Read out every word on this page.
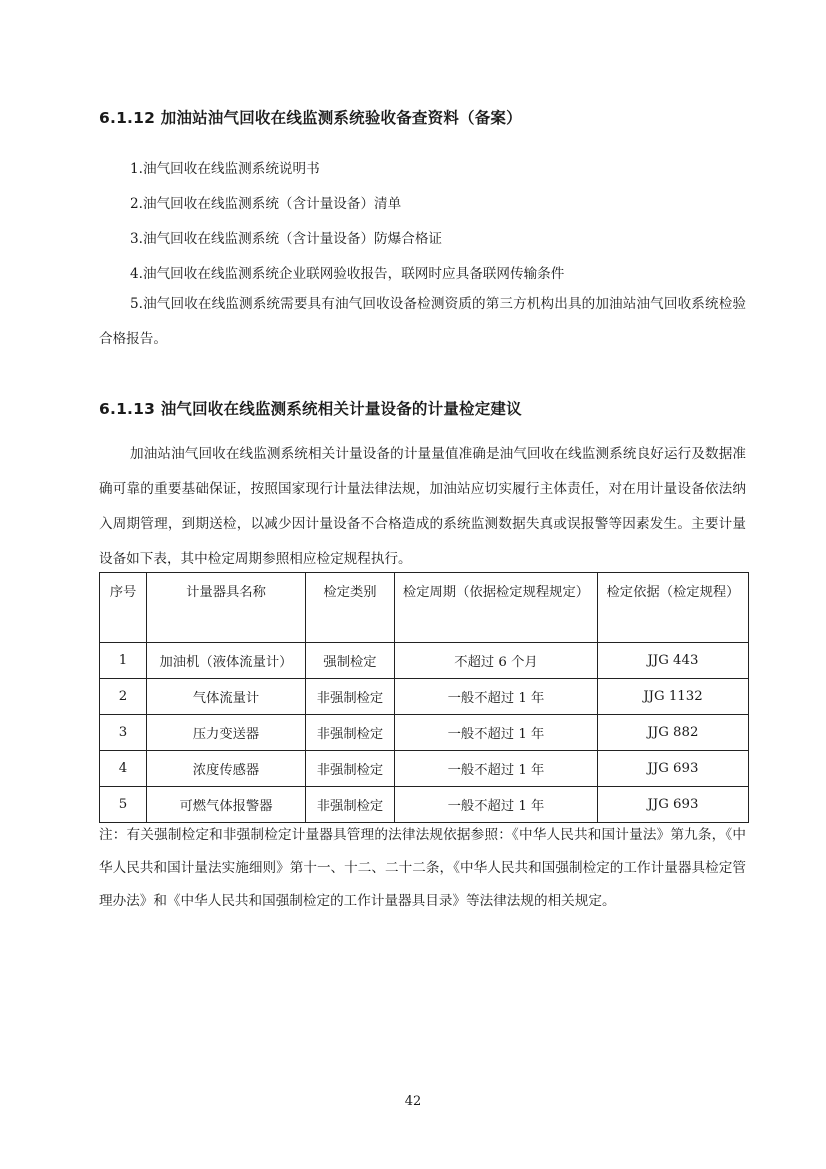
6.1.12 加油站油气回收在线监测系统验收备查资料（备案）
1.油气回收在线监测系统说明书
2.油气回收在线监测系统（含计量设备）清单
3.油气回收在线监测系统（含计量设备）防爆合格证
4.油气回收在线监测系统企业联网验收报告，联网时应具备联网传输条件

5.油气回收在线监测系统需要具有油气回收设备检测资质的第三方机构出具的加油站油气回收系统检验合格报告。

6.1.13 油气回收在线监测系统相关计量设备的计量检定建议

加油站油气回收在线监测系统相关计量设备的计量量值准确是油气回收在线监测系统良好运行及数据准确可靠的重要基础保证，按照国家现行计量法律法规，加油站应切实履行主体责任，对在用计量设备依法纳入周期管理，到期送检，以减少因计量设备不合格造成的系统监测数据失真或误报警等因素发生。主要计量设备如下表，其中检定周期参照相应检定规程执行。

序号	计量器具名称	检定类别	检定周期（依据检定规程规定）	检定依据（检定规程）
1	加油机（液体流量计）	强制检定	不超过 6 个月	JJG 443
2	气体流量计	非强制检定	一般不超过 1 年	JJG 1132
3	压力变送器	非强制检定	一般不超过 1 年	JJG 882
4	浓度传感器	非强制检定	一般不超过 1 年	JJG 693
5	可燃气体报警器	非强制检定	一般不超过 1 年	JJG 693

注：有关强制检定和非强制检定计量器具管理的法律法规依据参照：《中华人民共和国计量法》第九条，《中华人民共和国计量法实施细则》第十一、十二、二十二条，《中华人民共和国强制检定的工作计量器具检定管理办法》和《中华人民共和国强制检定的工作计量器具目录》等法律法规的相关规定。

42
